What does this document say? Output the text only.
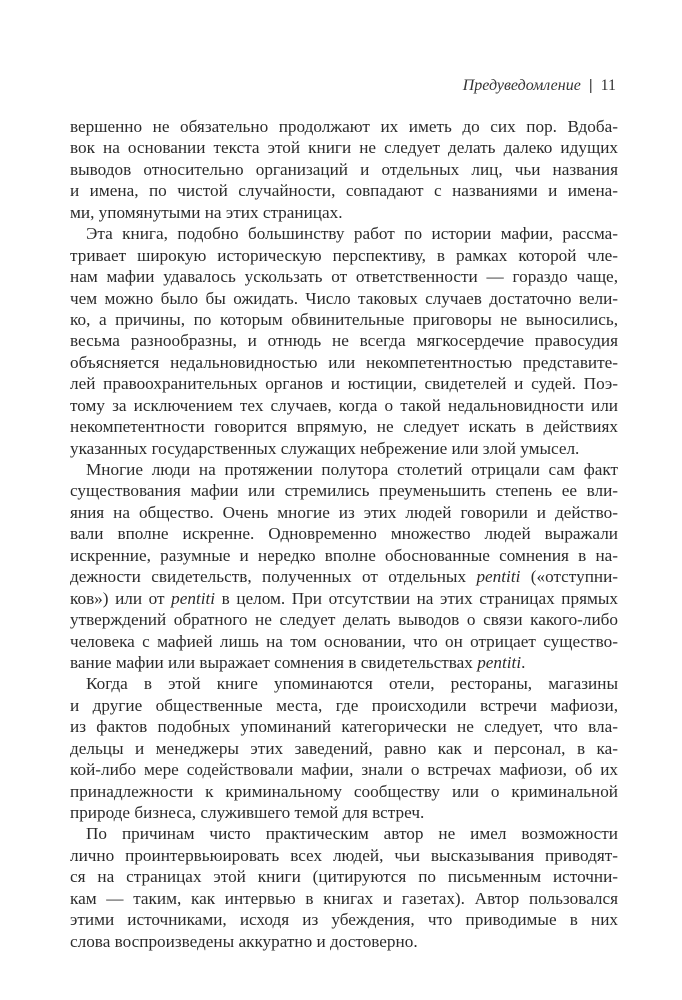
Предуведомление | 11
вершенно не обязательно продолжают их иметь до сих пор. Вдоба-
вок на основании текста этой книги не следует делать далеко идущих
выводов относительно организаций и отдельных лиц, чьи названия
и имена, по чистой случайности, совпадают с названиями и имена-
ми, упомянутыми на этих страницах.
Эта книга, подобно большинству работ по истории мафии, рассма-
тривает широкую историческую перспективу, в рамках которой чле-
нам мафии удавалось ускользать от ответственности — гораздо чаще,
чем можно было бы ожидать. Число таковых случаев достаточно вели-
ко, а причины, по которым обвинительные приговоры не выносились,
весьма разнообразны, и отнюдь не всегда мягкосердечие правосудия
объясняется недальновидностью или некомпетентностью представите-
лей правоохранительных органов и юстиции, свидетелей и судей. Поэ-
тому за исключением тех случаев, когда о такой недальновидности или
некомпетентности говорится впрямую, не следует искать в действиях
указанных государственных служащих небрежение или злой умысел.
Многие люди на протяжении полутора столетий отрицали сам факт
существования мафии или стремились преуменьшить степень ее вли-
яния на общество. Очень многие из этих людей говорили и действо-
вали вполне искренне. Одновременно множество людей выражали
искренние, разумные и нередко вполне обоснованные сомнения в на-
дежности свидетельств, полученных от отдельных pentiti («отступни-
ков») или от pentiti в целом. При отсутствии на этих страницах прямых
утверждений обратного не следует делать выводов о связи какого-либо
человека с мафией лишь на том основании, что он отрицает существо-
вание мафии или выражает сомнения в свидетельствах pentiti.
Когда в этой книге упоминаются отели, рестораны, магазины
и другие общественные места, где происходили встречи мафиози,
из фактов подобных упоминаний категорически не следует, что вла-
дельцы и менеджеры этих заведений, равно как и персонал, в ка-
кой-либо мере содействовали мафии, знали о встречах мафиози, об их
принадлежности к криминальному сообществу или о криминальной
природе бизнеса, служившего темой для встреч.
По причинам чисто практическим автор не имел возможности
лично проинтервьюировать всех людей, чьи высказывания приводят-
ся на страницах этой книги (цитируются по письменным источни-
кам — таким, как интервью в книгах и газетах). Автор пользовался
этими источниками, исходя из убеждения, что приводимые в них
слова воспроизведены аккуратно и достоверно.
